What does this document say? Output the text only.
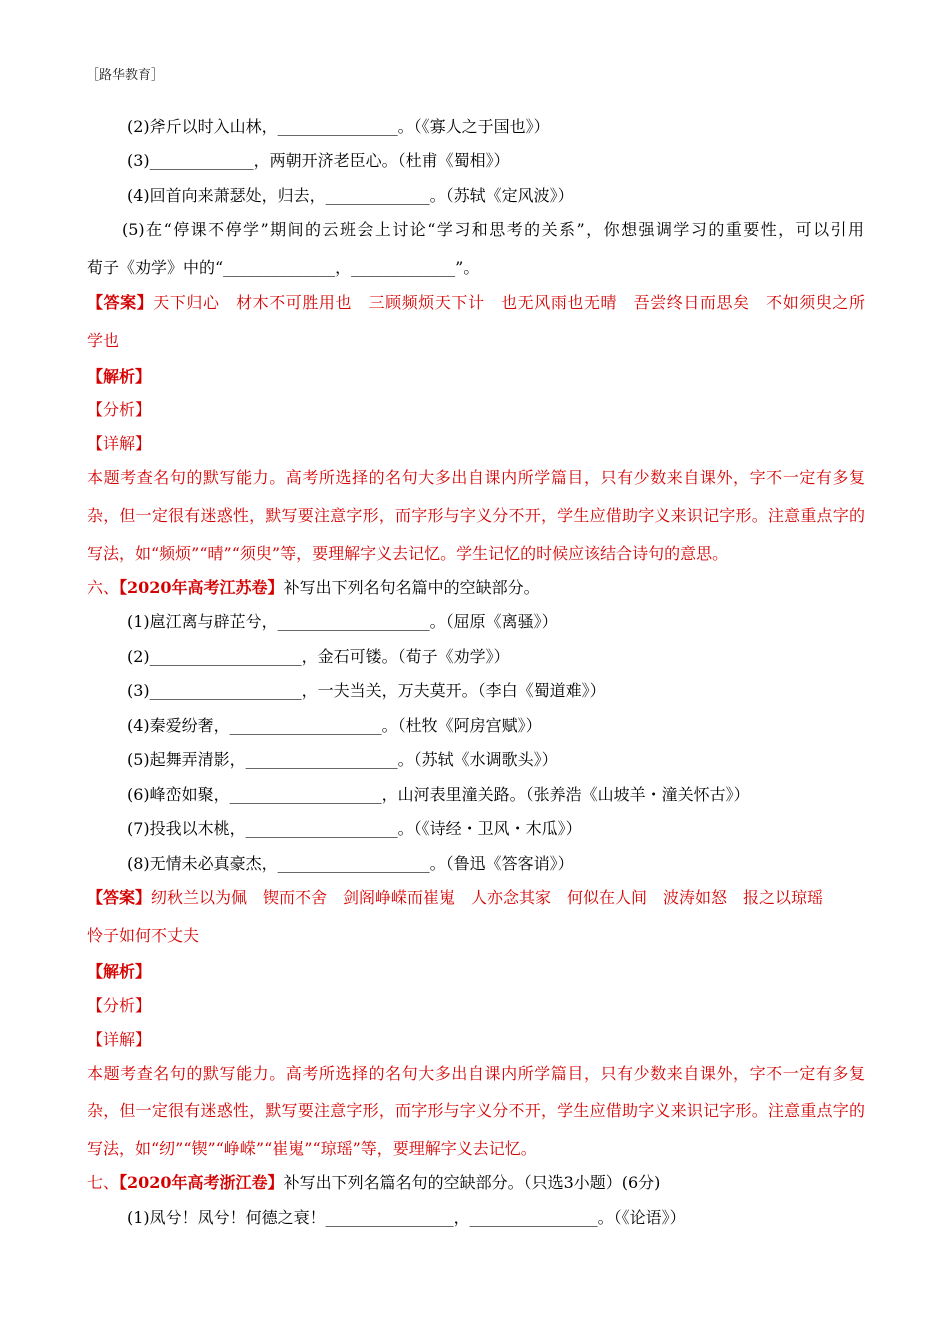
［路华教育］
(2)斧斤以时入山林，_______________。（《寡人之于国也》）
(3)_____________，两朝开济老臣心。（杜甫《蜀相》）
(4)回首向来萧瑟处，归去，_____________。（苏轼《定风波》）
(5)在“停课不停学”期间的云班会上讨论“学习和思考的关系”，你想强调学习的重要性，可以引用
荀子《劝学》中的“______________，_____________”。
【答案】天下归心　材木不可胜用也　三顾频烦天下计　也无风雨也无晴　吾尝终日而思矣　不如须臾之所
学也
【解析】
【分析】
【详解】
本题考查名句的默写能力。高考所选择的名句大多出自课内所学篇目，只有少数来自课外，字不一定有多复
杂，但一定很有迷惑性，默写要注意字形，而字形与字义分不开，学生应借助字义来识记字形。注意重点字的
写法，如“频烦”“晴”“须臾”等，要理解字义去记忆。学生记忆的时候应该结合诗句的意思。
六、【2020年高考江苏卷】补写出下列名句名篇中的空缺部分。
(1)扈江离与辟芷兮，___________________。（屈原《离骚》）
(2)___________________，金石可镂。（荀子《劝学》）
(3)___________________，一夫当关，万夫莫开。（李白《蜀道难》）
(4)秦爱纷奢，___________________。（杜牧《阿房宫赋》）
(5)起舞弄清影，___________________。（苏轼《水调歌头》）
(6)峰峦如聚，___________________，山河表里潼关路。（张养浩《山坡羊・潼关怀古》）
(7)投我以木桃，___________________。（《诗经・卫风・木瓜》）
(8)无情未必真豪杰，___________________。（鲁迅《答客诮》）
【答案】纫秋兰以为佩　锲而不舍　剑阁峥嵘而崔嵬　人亦念其家　何似在人间　波涛如怒　报之以琼瑶
怜子如何不丈夫
【解析】
【分析】
【详解】
本题考查名句的默写能力。高考所选择的名句大多出自课内所学篇目，只有少数来自课外，字不一定有多复
杂，但一定很有迷惑性，默写要注意字形，而字形与字义分不开，学生应借助字义来识记字形。注意重点字的
写法，如“纫”“锲”“峥嵘”“崔嵬”“琼瑶”等，要理解字义去记忆。
七、【2020年高考浙江卷】补写出下列名篇名句的空缺部分。（只选3小题）(6分)
(1)凤兮！凤兮！何德之衰！________________，________________。（《论语》）
